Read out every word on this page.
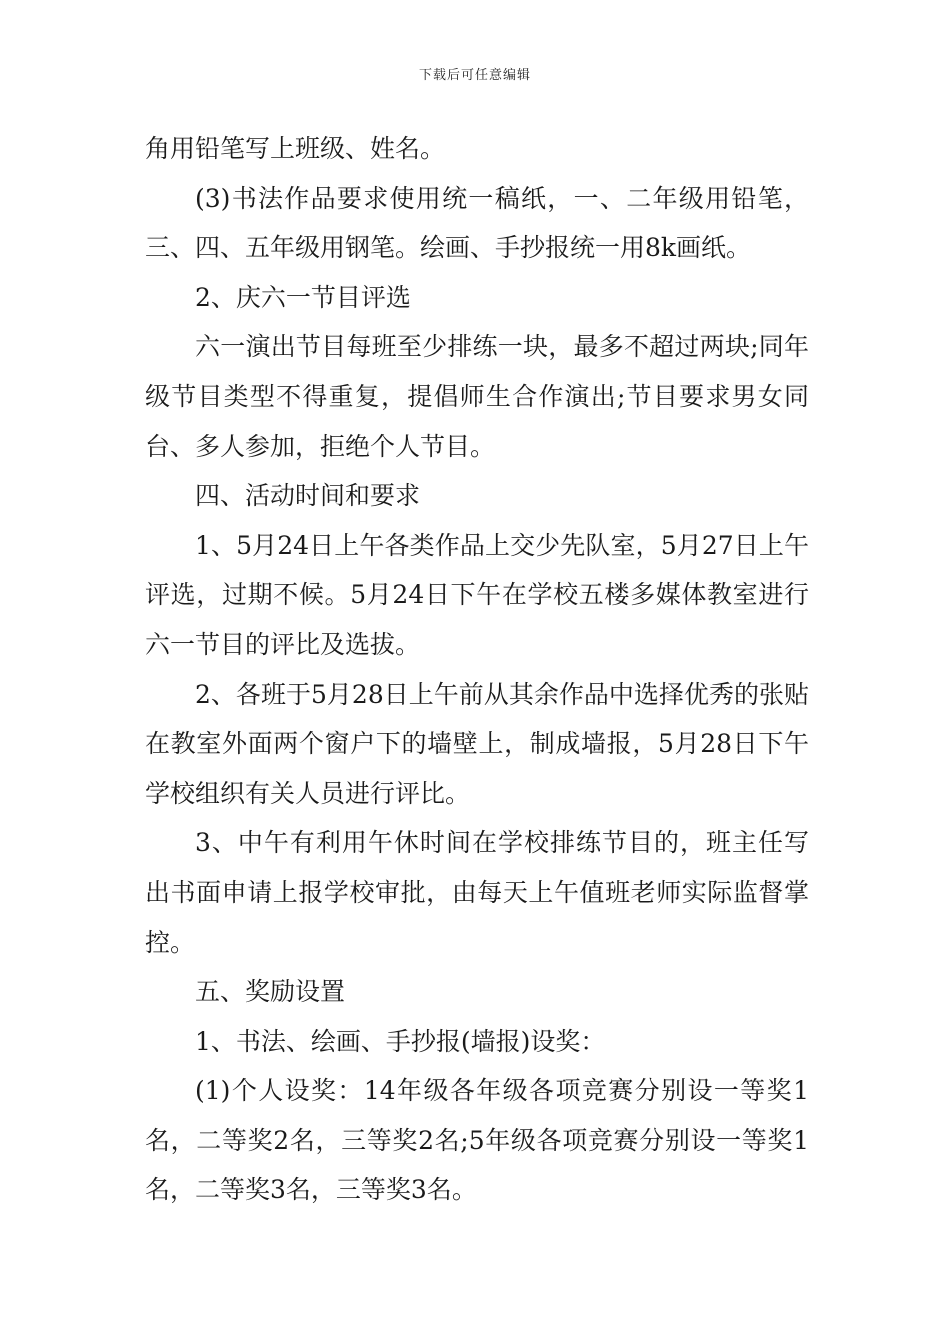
下载后可任意编辑

角用铅笔写上班级、姓名。

(3)书法作品要求使用统一稿纸，一、二年级用铅笔，三、四、五年级用钢笔。绘画、手抄报统一用8k画纸。

2、庆六一节目评选

六一演出节目每班至少排练一块，最多不超过两块;同年级节目类型不得重复，提倡师生合作演出;节目要求男女同台、多人参加，拒绝个人节目。

四、活动时间和要求

1、5月24日上午各类作品上交少先队室，5月27日上午评选，过期不候。5月24日下午在学校五楼多媒体教室进行六一节目的评比及选拔。

2、各班于5月28日上午前从其余作品中选择优秀的张贴在教室外面两个窗户下的墙壁上，制成墙报，5月28日下午学校组织有关人员进行评比。

3、中午有利用午休时间在学校排练节目的，班主任写出书面申请上报学校审批，由每天上午值班老师实际监督掌控。

五、奖励设置

1、书法、绘画、手抄报(墙报)设奖：

(1)个人设奖：14年级各年级各项竞赛分别设一等奖1名，二等奖2名，三等奖2名;5年级各项竞赛分别设一等奖1名，二等奖3名，三等奖3名。
